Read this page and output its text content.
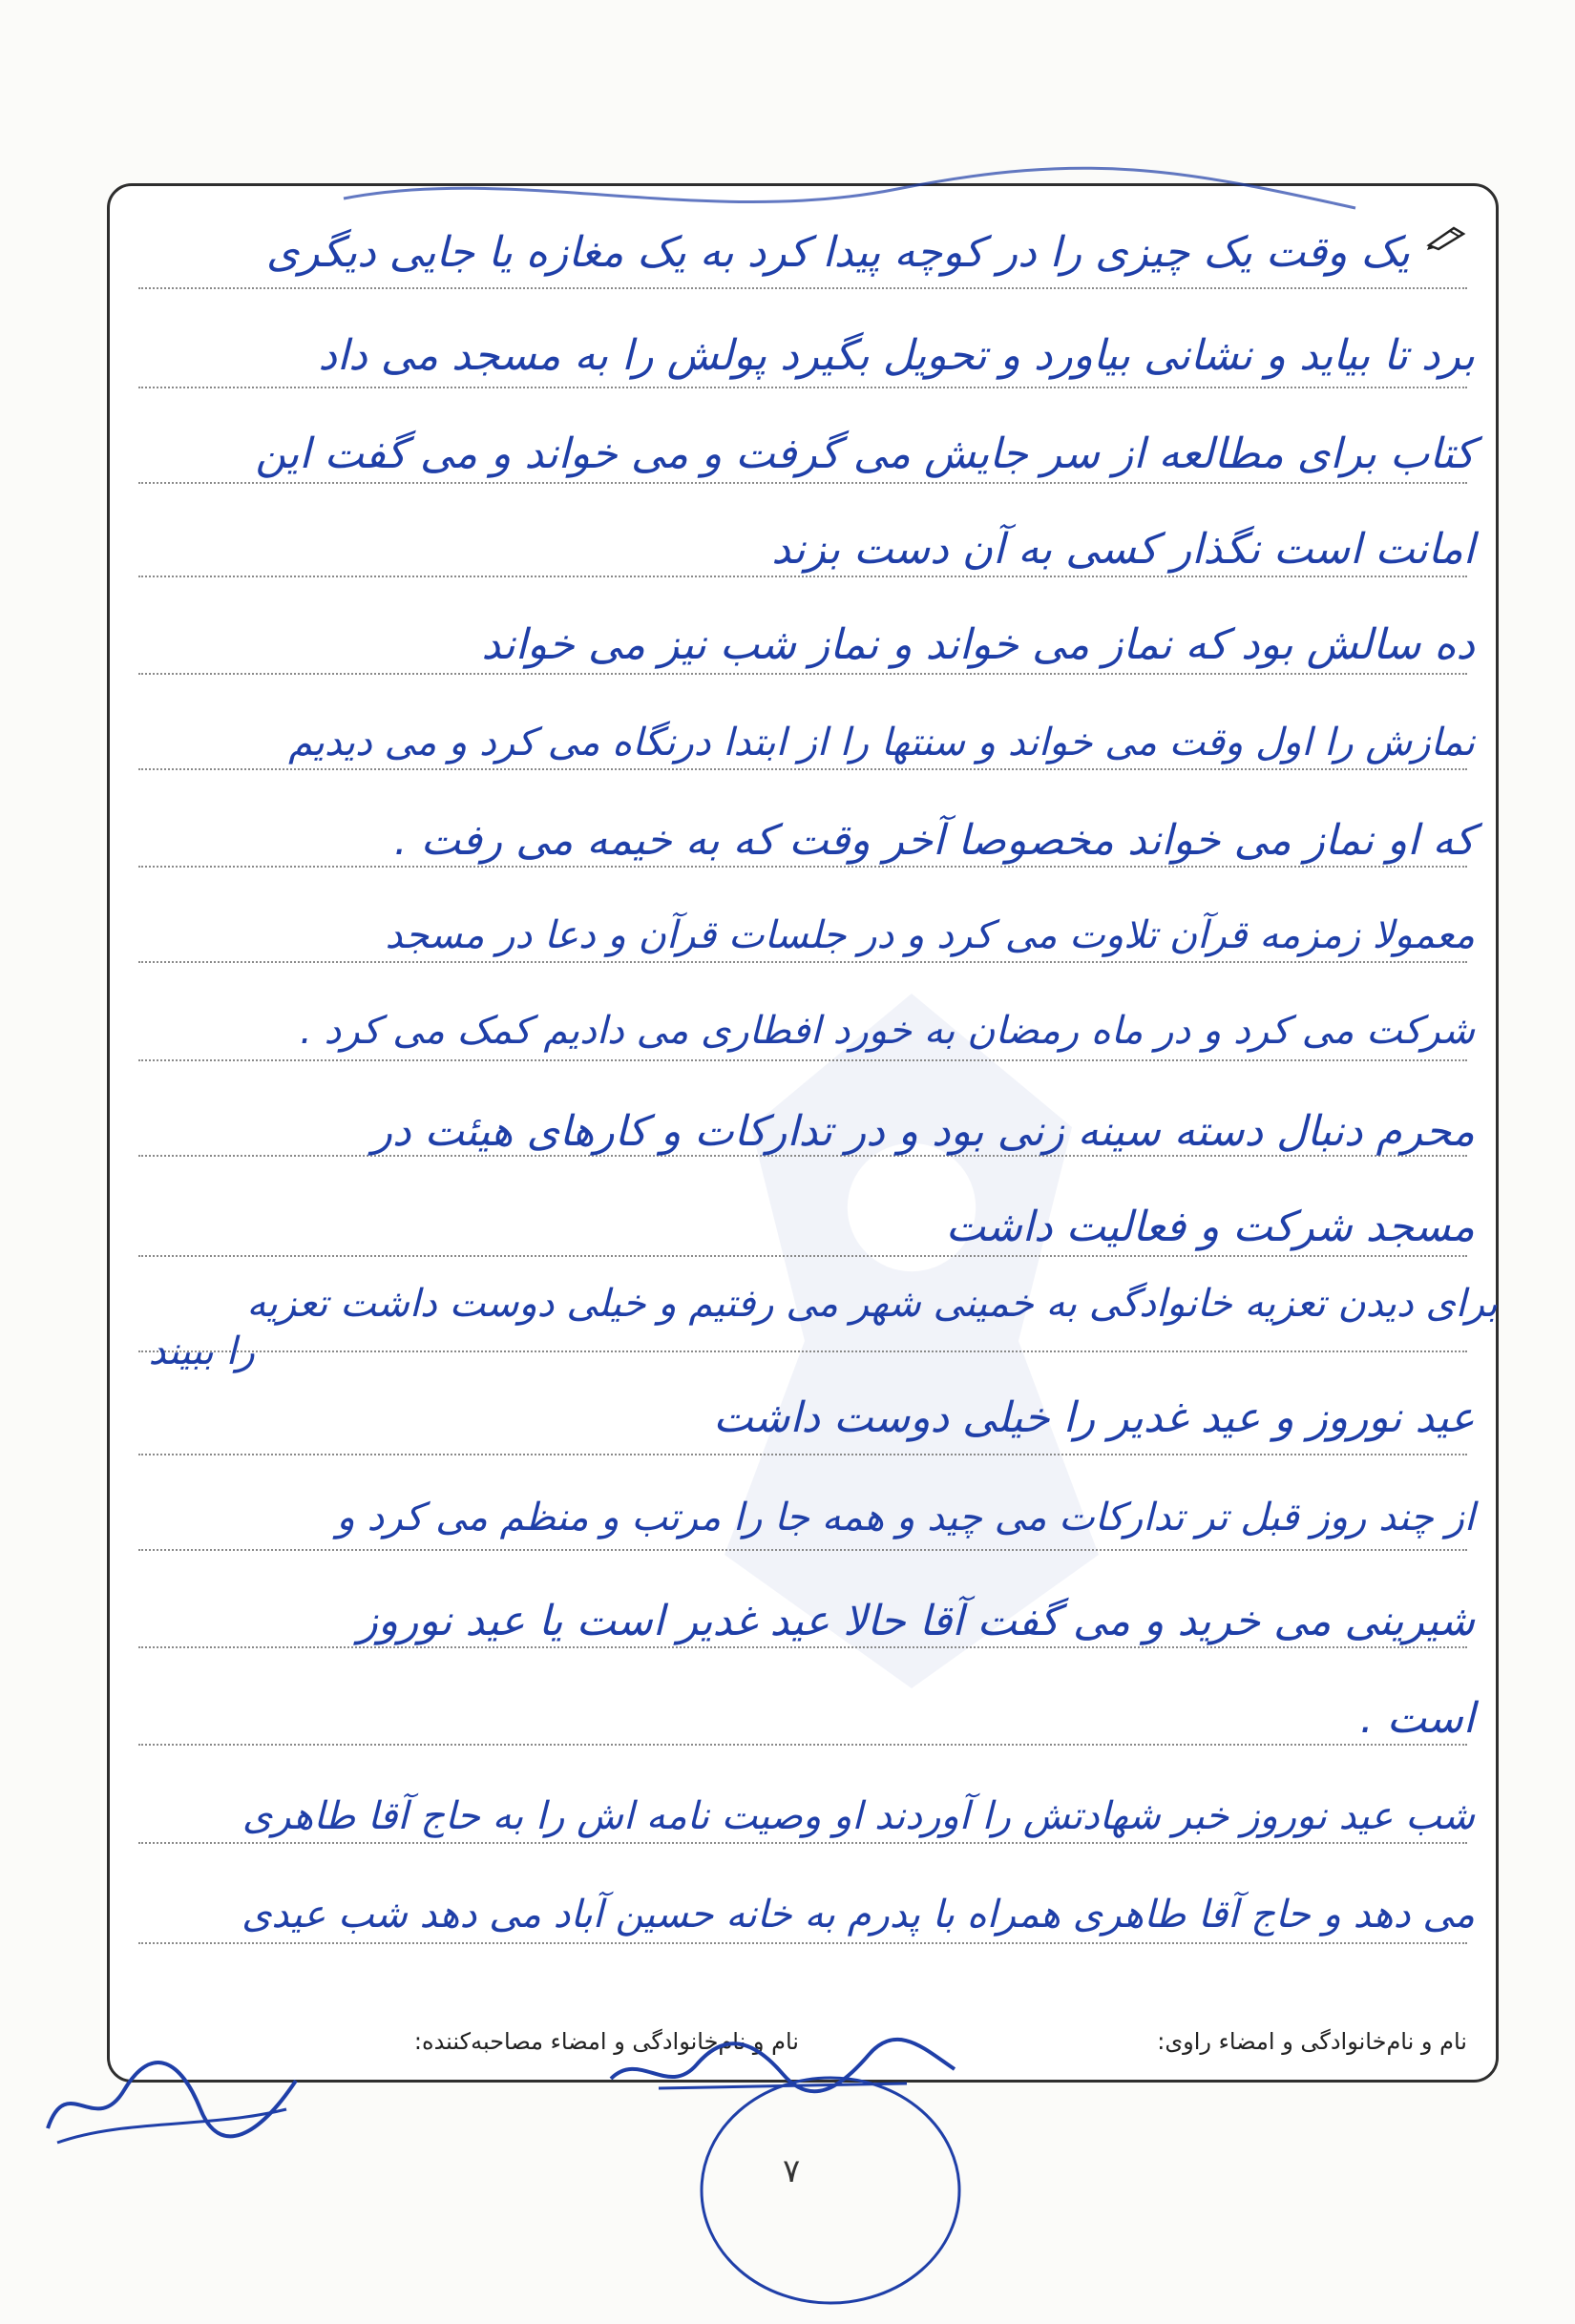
یک وقت یک چیزی را در کوچه پیدا کرد به یک مغازه یا جایی دیگری
برد تا بیاید و نشانی بیاورد و تحویل بگیرد پولش را به مسجد می داد
کتاب برای مطالعه از سر جایش می گرفت و می خواند و می گفت این
امانت است نگذار کسی به آن دست بزند
ده سالش بود که نماز می خواند و نماز شب نیز می خواند
نمازش را اول وقت می خواند و سنتها را از ابتدا درنگاه می کرد و می دیدیم
که او نماز می خواند مخصوصا آخر وقت که به خیمه می رفت .
معمولا زمزمه قرآن تلاوت می کرد و در جلسات قرآن و دعا در مسجد
شرکت می کرد و در ماه رمضان به خورد افطاری می دادیم کمک می کرد .
محرم دنبال دسته سینه زنی بود و در تدارکات و کارهای هیئت در
مسجد شرکت و فعالیت داشت
برای دیدن تعزیه خانوادگی به خمینی شهر می رفتیم و خیلی دوست داشت تعزیه
را ببیند
عید نوروز و عید غدیر را خیلی دوست داشت
از چند روز قبل تر تدارکات می چید و همه جا را مرتب و منظم می کرد و
شیرینی می خرید و می گفت آقا حالا عید غدیر است یا عید نوروز
است .
شب عید نوروز خبر شهادتش را آوردند او وصیت نامه اش را به حاج آقا طاهری
می دهد و حاج آقا طاهری همراه با پدرم به خانه حسین آباد می دهد شب عیدی
نام و نام‌خانوادگی و امضاء راوی:
نام و نام‌خانوادگی و امضاء مصاحبه‌کننده:
۷
